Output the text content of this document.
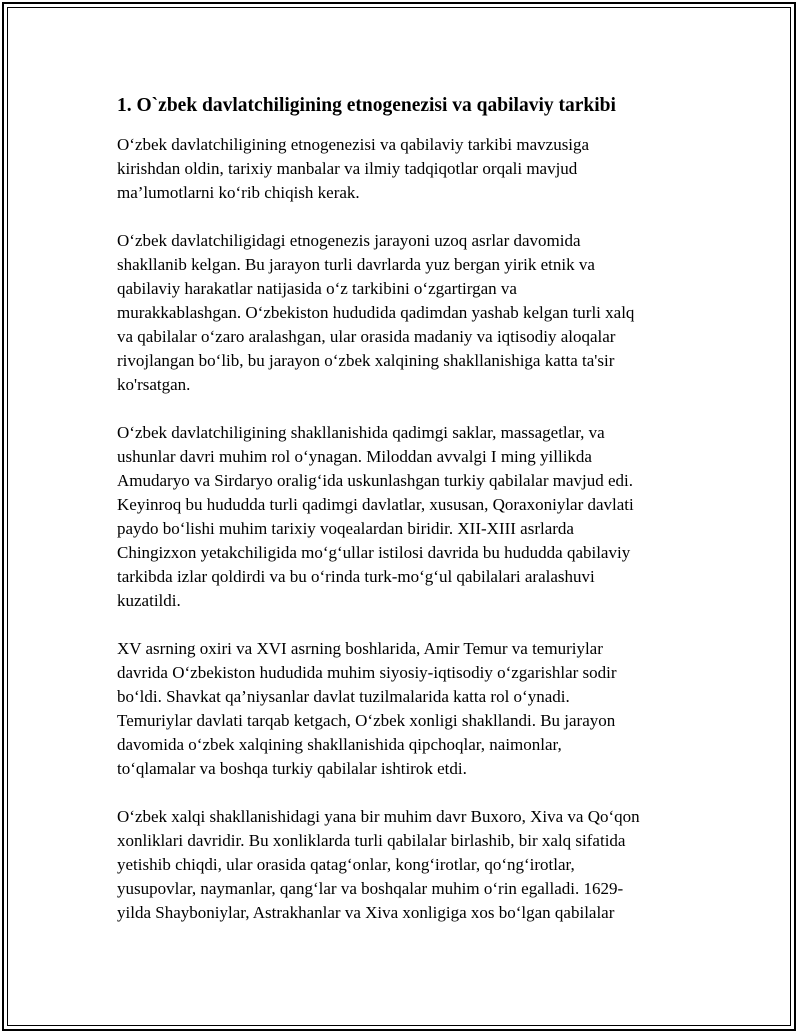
1. O`zbek davlatchiligining etnogenezisi va qabilaviy tarkibi

O‘zbek davlatchiligining etnogenezisi va qabilaviy tarkibi mavzusiga
kirishdan oldin, tarixiy manbalar va ilmiy tadqiqotlar orqali mavjud
ma’lumotlarni ko‘rib chiqish kerak.

O‘zbek davlatchiligidagi etnogenezis jarayoni uzoq asrlar davomida
shakllanib kelgan. Bu jarayon turli davrlarda yuz bergan yirik etnik va
qabilaviy harakatlar natijasida o‘z tarkibini o‘zgartirgan va
murakkablashgan. O‘zbekiston hududida qadimdan yashab kelgan turli xalq
va qabilalar o‘zaro aralashgan, ular orasida madaniy va iqtisodiy aloqalar
rivojlangan bo‘lib, bu jarayon o‘zbek xalqining shakllanishiga katta ta'sir
ko'rsatgan.

O‘zbek davlatchiligining shakllanishida qadimgi saklar, massagetlar, va
ushunlar davri muhim rol o‘ynagan. Miloddan avvalgi I ming yillikda
Amudaryo va Sirdaryo oralig‘ida uskunlashgan turkiy qabilalar mavjud edi.
Keyinroq bu hududda turli qadimgi davlatlar, xususan, Qoraxoniylar davlati
paydo bo‘lishi muhim tarixiy voqealardan biridir. XII-XIII asrlarda
Chingizxon yetakchiligida mo‘g‘ullar istilosi davrida bu hududda qabilaviy
tarkibda izlar qoldirdi va bu o‘rinda turk-mo‘g‘ul qabilalari aralashuvi
kuzatildi.

XV asrning oxiri va XVI asrning boshlarida, Amir Temur va temuriylar
davrida O‘zbekiston hududida muhim siyosiy-iqtisodiy o‘zgarishlar sodir
bo‘ldi. Shavkat qa’niysanlar davlat tuzilmalarida katta rol o‘ynadi.
Temuriylar davlati tarqab ketgach, O‘zbek xonligi shakllandi. Bu jarayon
davomida o‘zbek xalqining shakllanishida qipchoqlar, naimonlar,
to‘qlamalar va boshqa turkiy qabilalar ishtirok etdi.

O‘zbek xalqi shakllanishidagi yana bir muhim davr Buxoro, Xiva va Qo‘qon
xonliklari davridir. Bu xonliklarda turli qabilalar birlashib, bir xalq sifatida
yetishib chiqdi, ular orasida qatag‘onlar, kong‘irotlar, qo‘ng‘irotlar,
yusupovlar, naymanlar, qang‘lar va boshqalar muhim o‘rin egalladi. 1629-
yilda Shayboniylar, Astrakhanlar va Xiva xonligiga xos bo‘lgan qabilalar
